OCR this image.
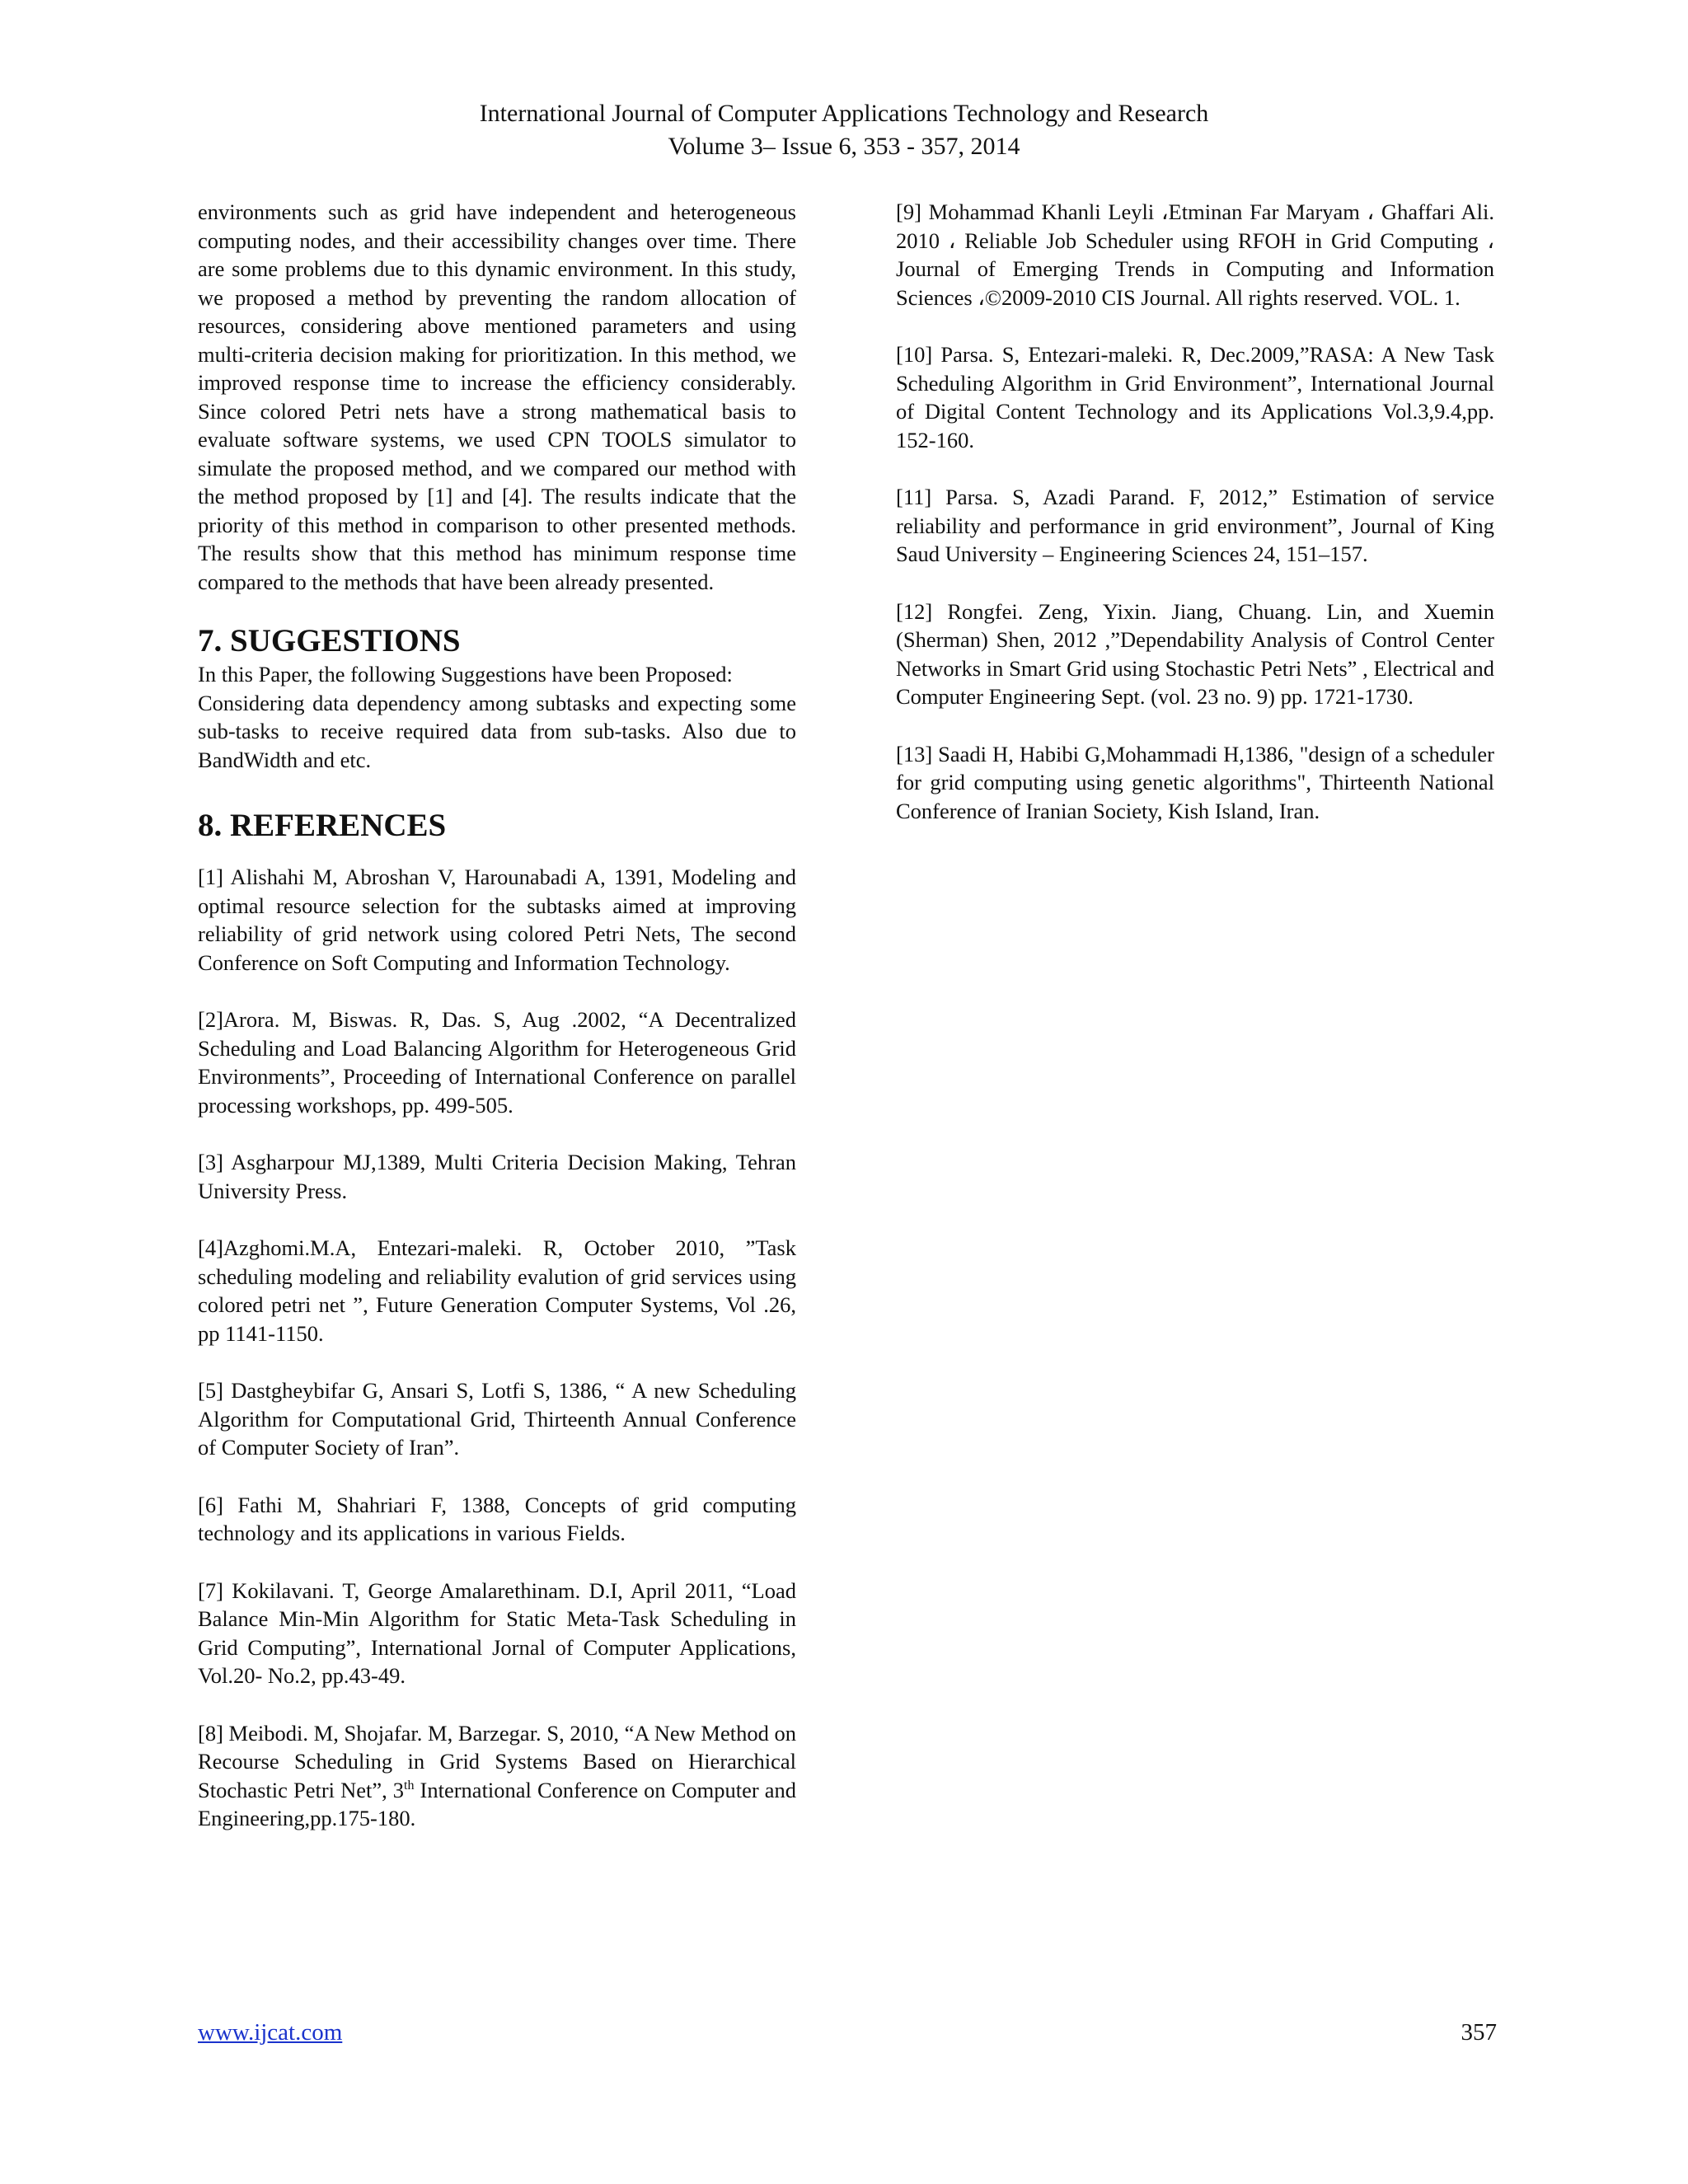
International Journal of Computer Applications Technology and Research
Volume 3– Issue 6, 353 - 357, 2014

environments such as grid have independent and heterogeneous computing nodes, and their accessibility changes over time. There are some problems due to this dynamic environment. In this study, we proposed a method by preventing the random allocation of resources, considering above mentioned parameters and using multi-criteria decision making for prioritization. In this method, we improved response time to increase the efficiency considerably. Since colored Petri nets have a strong mathematical basis to evaluate software systems, we used CPN TOOLS simulator to simulate the proposed method, and we compared our method with the method proposed by [1] and [4]. The results indicate that the priority of this method in comparison to other presented methods. The results show that this method has minimum response time compared to the methods that have been already presented.

7. SUGGESTIONS

In this Paper, the following Suggestions have been Proposed:

Considering data dependency among subtasks and expecting some sub-tasks to receive required data from sub-tasks. Also due to BandWidth and etc.

8. REFERENCES

[1] Alishahi M, Abroshan V, Harounabadi A, 1391, Modeling and optimal resource selection for the subtasks aimed at improving reliability of grid network using colored Petri Nets, The second Conference on Soft Computing and Information Technology.

[2]Arora. M, Biswas. R, Das. S, Aug .2002, “A Decentralized Scheduling and Load Balancing Algorithm for Heterogeneous Grid Environments”, Proceeding of International Conference on parallel processing workshops, pp. 499-505.

[3] Asgharpour MJ,1389, Multi Criteria Decision Making, Tehran University Press.

[4]Azghomi.M.A, Entezari-maleki. R, October 2010, ”Task scheduling modeling and reliability evalution of grid services using colored petri net ”, Future Generation Computer Systems, Vol .26, pp 1141-1150.

[5] Dastgheybifar G, Ansari S, Lotfi S, 1386, “ A new Scheduling Algorithm for Computational Grid, Thirteenth Annual Conference of Computer Society of Iran”.

[6] Fathi M, Shahriari F, 1388, Concepts of grid computing technology and its applications in various Fields.

[7] Kokilavani. T, George Amalarethinam. D.I, April 2011, “Load Balance Min-Min Algorithm for Static Meta-Task Scheduling in Grid Computing”, International Jornal of Computer Applications, Vol.20- No.2, pp.43-49.

[8] Meibodi. M, Shojafar. M, Barzegar. S, 2010, “A New Method on Recourse Scheduling in Grid Systems Based on Hierarchical Stochastic Petri Net”, 3th International Conference on Computer and Engineering,pp.175-180.

[9] Mohammad Khanli Leyli ،Etminan Far Maryam ، Ghaffari Ali. 2010 ، Reliable Job Scheduler using RFOH in Grid Computing ، Journal of Emerging Trends in Computing and Information Sciences ،©2009-2010 CIS Journal. All rights reserved. VOL. 1.

[10] Parsa. S, Entezari-maleki. R, Dec.2009,”RASA: A New Task Scheduling Algorithm in Grid Environment”, International Journal of Digital Content Technology and its Applications Vol.3,9.4,pp. 152-160.

[11] Parsa. S, Azadi Parand. F, 2012,” Estimation of service reliability and performance in grid environment”, Journal of King Saud University – Engineering Sciences 24, 151–157.

[12] Rongfei. Zeng, Yixin. Jiang, Chuang. Lin, and Xuemin (Sherman) Shen, 2012 ,”Dependability Analysis of Control Center Networks in Smart Grid using Stochastic Petri Nets” , Electrical and Computer Engineering Sept. (vol. 23 no. 9) pp. 1721-1730.

[13] Saadi H, Habibi G,Mohammadi H,1386, "design of a scheduler for grid computing using genetic algorithms", Thirteenth National Conference of Iranian Society, Kish Island, Iran.

www.ijcat.com	357
